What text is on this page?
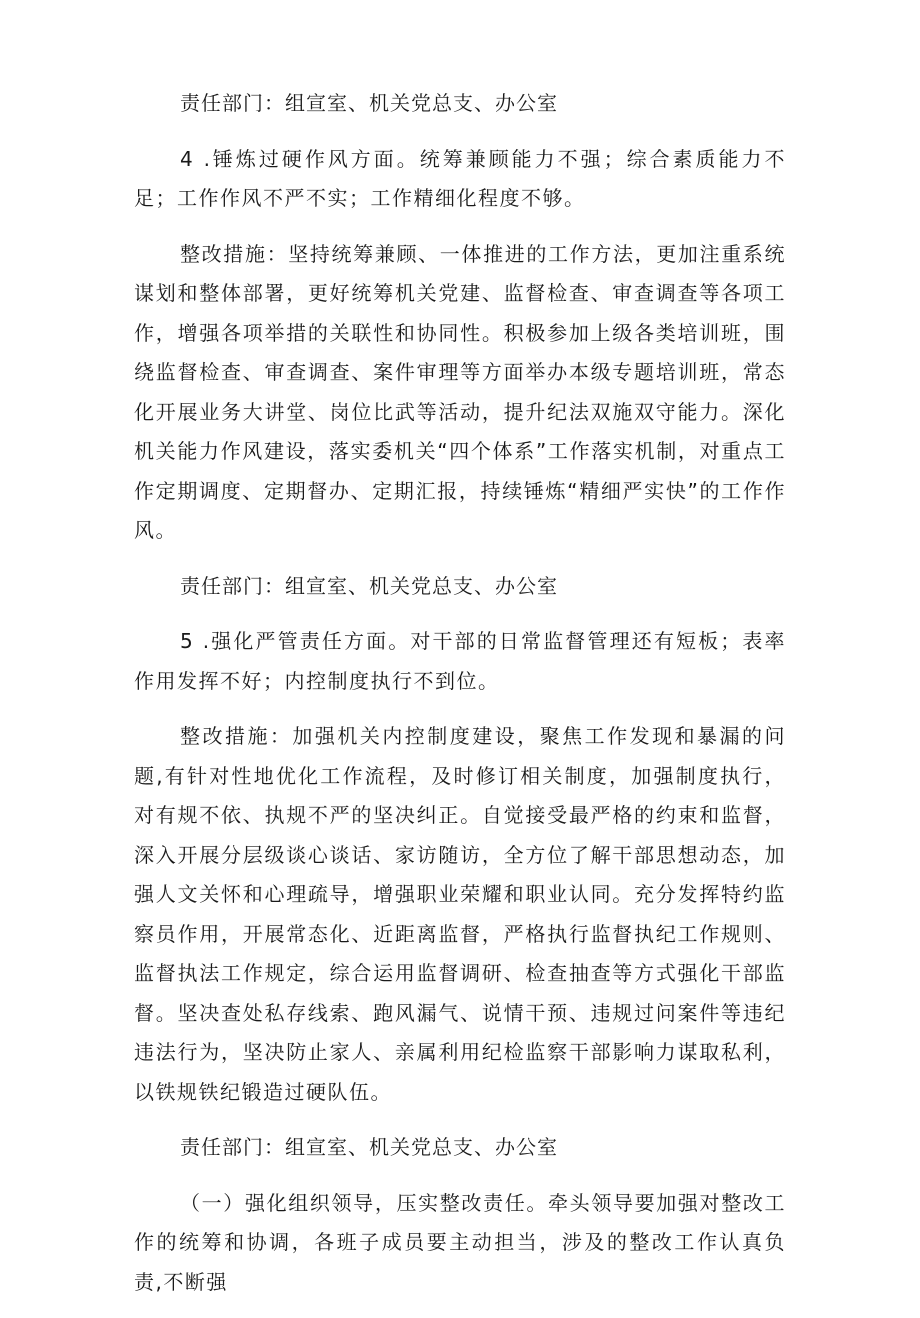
责任部门：组宣室、机关党总支、办公室

4 .锤炼过硬作风方面。统筹兼顾能力不强；综合素质能力不足；工作作风不严不实；工作精细化程度不够。

整改措施：坚持统筹兼顾、一体推进的工作方法，更加注重系统谋划和整体部署，更好统筹机关党建、监督检查、审查调查等各项工作，增强各项举措的关联性和协同性。积极参加上级各类培训班，围绕监督检查、审查调查、案件审理等方面举办本级专题培训班，常态化开展业务大讲堂、岗位比武等活动，提升纪法双施双守能力。深化机关能力作风建设，落实委机关“四个体系”工作落实机制，对重点工作定期调度、定期督办、定期汇报，持续锤炼“精细严实快”的工作作风。

责任部门：组宣室、机关党总支、办公室

5 .强化严管责任方面。对干部的日常监督管理还有短板；表率作用发挥不好；内控制度执行不到位。

整改措施：加强机关内控制度建设，聚焦工作发现和暴漏的问题,有针对性地优化工作流程，及时修订相关制度，加强制度执行，对有规不依、执规不严的坚决纠正。自觉接受最严格的约束和监督，深入开展分层级谈心谈话、家访随访，全方位了解干部思想动态，加强人文关怀和心理疏导，增强职业荣耀和职业认同。充分发挥特约监察员作用，开展常态化、近距离监督，严格执行监督执纪工作规则、监督执法工作规定，综合运用监督调研、检查抽查等方式强化干部监督。坚决查处私存线索、跑风漏气、说情干预、违规过问案件等违纪违法行为，坚决防止家人、亲属利用纪检监察干部影响力谋取私利，以铁规铁纪锻造过硬队伍。

责任部门：组宣室、机关党总支、办公室

（一）强化组织领导，压实整改责任。牵头领导要加强对整改工作的统筹和协调，各班子成员要主动担当，涉及的整改工作认真负责,不断强
